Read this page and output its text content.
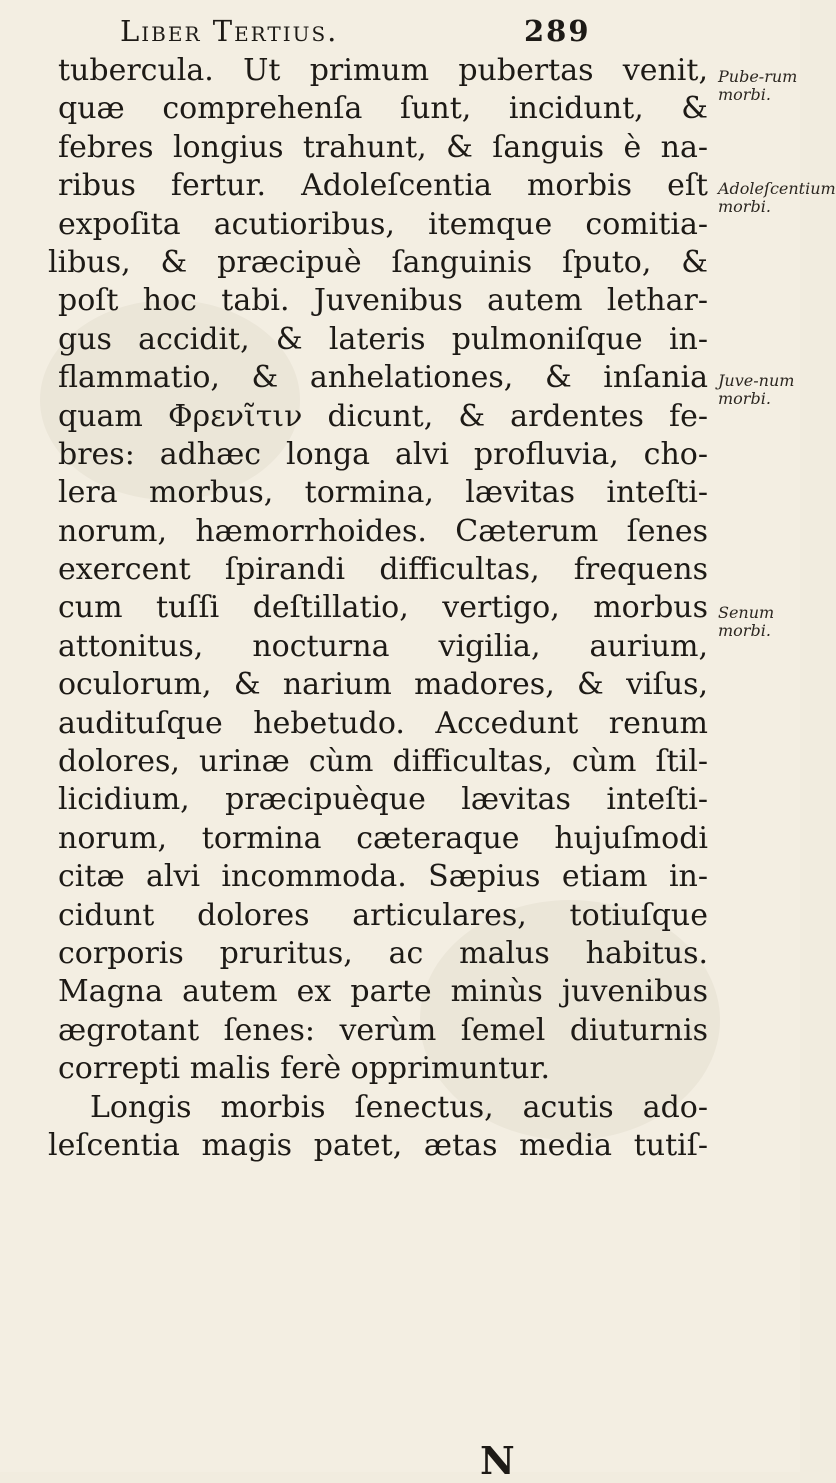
Liber Tertius.	289
tubercula. Ut primum pubertas venit,
quæ comprehenſa ſunt, incidunt, &
febres longius trahunt, & ſanguis è na-
ribus fertur. Adoleſcentia morbis eſt
expoſita acutioribus, itemque comitia-
libus, & præcipuè ſanguinis ſputo, &
poſt hoc tabi. Juvenibus autem lethar-
gus accidit, & lateris pulmoniſque in-
flammatio, & anhelationes, & inſania
quam Φρενῖτιν dicunt, & ardentes fe-
bres: adhæc longa alvi profluvia, cho-
lera morbus, tormina, lævitas inteſti-
norum, hæmorrhoides. Cæterum ſenes
exercent ſpirandi difficultas, frequens
cum tuſſi deſtillatio, vertigo, morbus
attonitus, nocturna vigilia, aurium,
oculorum, & narium madores, & viſus,
audituſque hebetudo. Accedunt renum
dolores, urinæ cùm difficultas, cùm ſtil-
licidium, præcipuèque lævitas inteſti-
norum, tormina cæteraque hujuſmodi
citæ alvi incommoda. Sæpius etiam in-
cidunt dolores articulares, totiuſque
corporis pruritus, ac malus habitus.
Magna autem ex parte minùs juvenibus
ægrotant ſenes: verùm ſemel diuturnis
correpti malis ferè opprimuntur.
Longis morbis ſenectus, acutis ado-
leſcentia magis patet, ætas media tutiſ-
Pube-rum morbi.
Adoleſcentium morbi.
Juve-num morbi.
Senum morbi.
N
